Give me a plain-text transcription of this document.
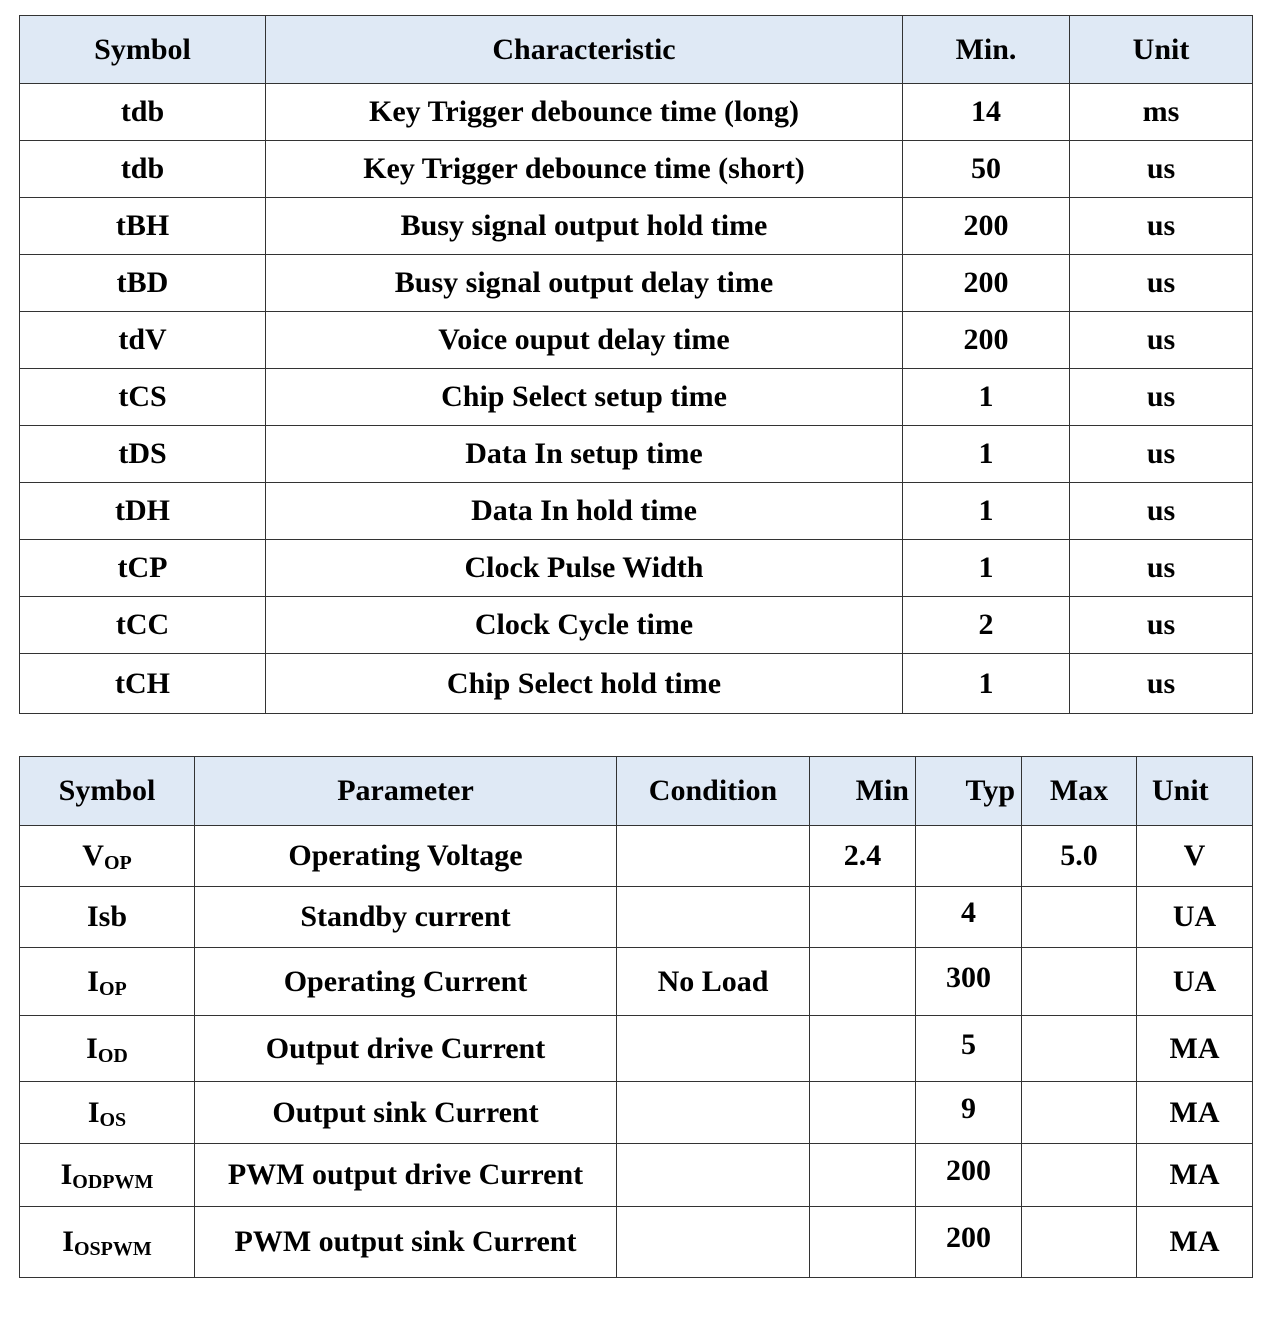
Symbol	Characteristic	Min.	Unit
tdb	Key Trigger debounce time (long)	14	ms
tdb	Key Trigger debounce time (short)	50	us
tBH	Busy signal output hold time	200	us
tBD	Busy signal output delay time	200	us
tdV	Voice ouput delay time	200	us
tCS	Chip Select setup time	1	us
tDS	Data In setup time	1	us
tDH	Data In hold time	1	us
tCP	Clock Pulse Width	1	us
tCC	Clock Cycle time	2	us
tCH	Chip Select hold time	1	us
Symbol	Parameter	Condition	Min	Typ	Max	Unit
$V_{OP}$	Operating Voltage		2.4		5.0	V
Isb	Standby current			4		UA
$I_{OP}$	Operating Current	No Load		300		UA
$I_{OD}$	Output drive Current			5		MA
$I_{OS}$	Output sink Current			9		MA
$I_{ODPWM}$	PWM output drive Current			200		MA
$I_{OSPWM}$	PWM output sink Current			200		MA
